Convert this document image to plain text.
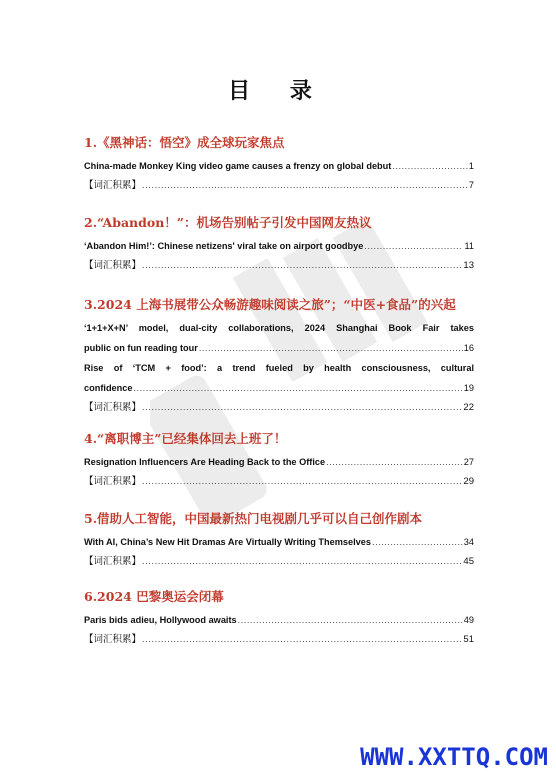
目 录
1.《黑神话：悟空》成全球玩家焦点
China-made Monkey King video game causes a frenzy on global debut .....	1
【词汇积累】 .....	7
2.“Abandon！”：机场告别帖子引发中国网友热议
‘Abandon Him!’: Chinese netizens' viral take on airport goodbye .....	11
【词汇积累】 .....	13
3.2024 上海书展带公众畅游趣味阅读之旅”；“中医+食品”的兴起
‘1+1+X+N’ model, dual-city collaborations, 2024 Shanghai Book Fair takes
public on fun reading tour .....	16
Rise of ‘TCM + food’: a trend fueled by health consciousness, cultural
confidence .....	19
【词汇积累】 .....	22
4.“离职博主”已经集体回去上班了！
Resignation Influencers Are Heading Back to the Office .....	27
【词汇积累】 .....	29
5.借助人工智能，中国最新热门电视剧几乎可以自己创作剧本
With AI, China’s New Hit Dramas Are Virtually Writing Themselves .....	34
【词汇积累】 .....	45
6.2024 巴黎奥运会闭幕
Paris bids adieu, Hollywood awaits .....	49
【词汇积累】 .....	51
WWW.XXTTQ.COM
